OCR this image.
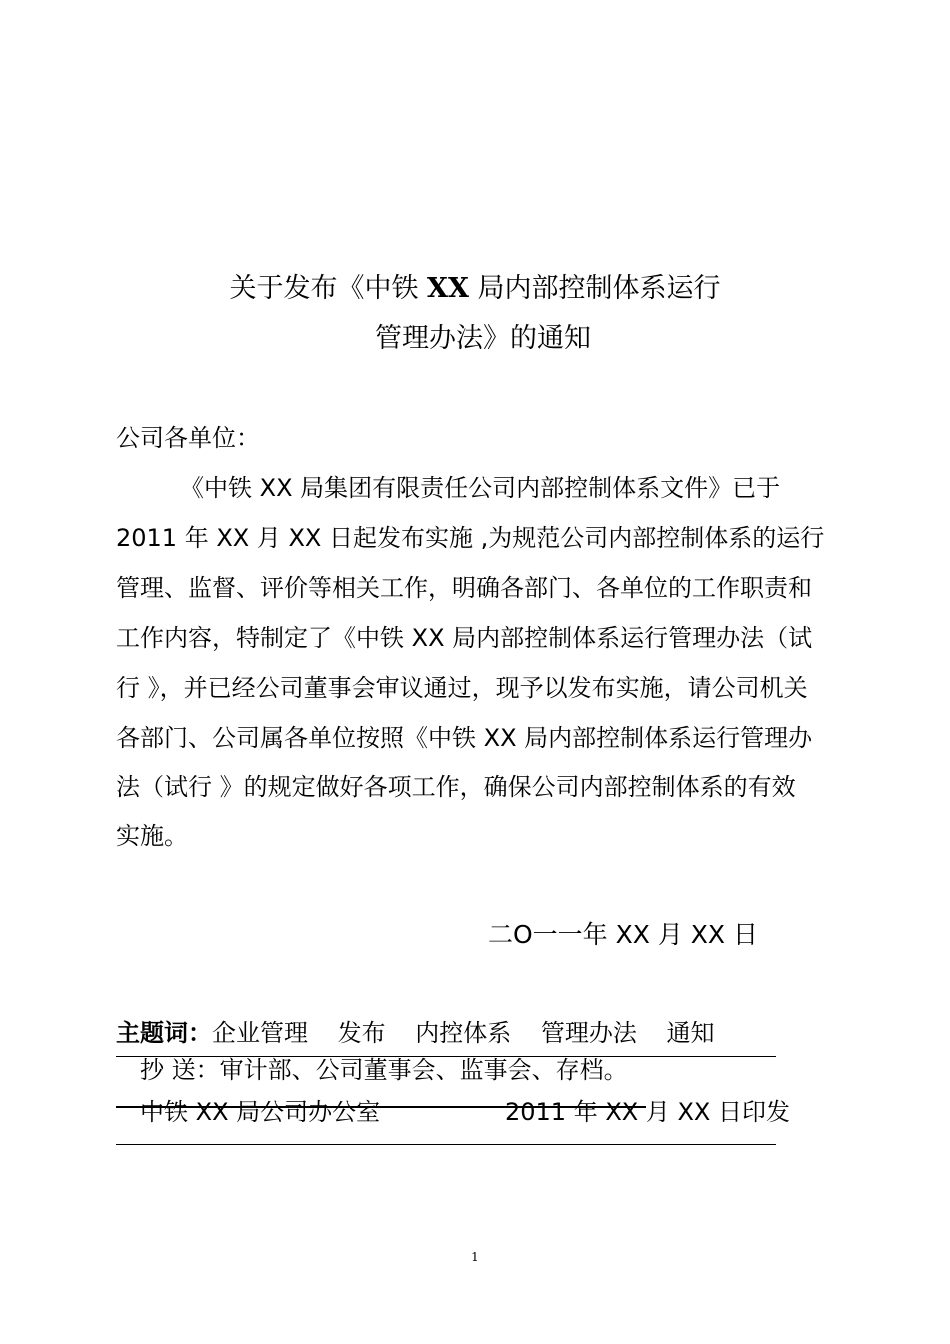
关于发布《中铁 XX 局内部控制体系运行
管理办法》的通知
公司各单位：
《中铁 XX 局集团有限责任公司内部控制体系文件》已于
2011 年 XX 月 XX 日起发布实施 ,为规范公司内部控制体系的运行
管理、监督、评价等相关工作，明确各部门、各单位的工作职责和
工作内容，特制定了《中铁 XX 局内部控制体系运行管理办法（试
行 》，并已经公司董事会审议通过，现予以发布实施，请公司机关
各部门、公司属各单位按照《中铁 XX 局内部控制体系运行管理办
法（试行 》的规定做好各项工作，确保公司内部控制体系的有效
实施。
二O一一年 XX 月 XX 日
主题词：企业管理 发布 内控体系 管理办法 通知
抄 送：审计部、公司董事会、监事会、存档。
中铁 XX 局公司办公室	2011 年 XX 月 XX 日印发
1
